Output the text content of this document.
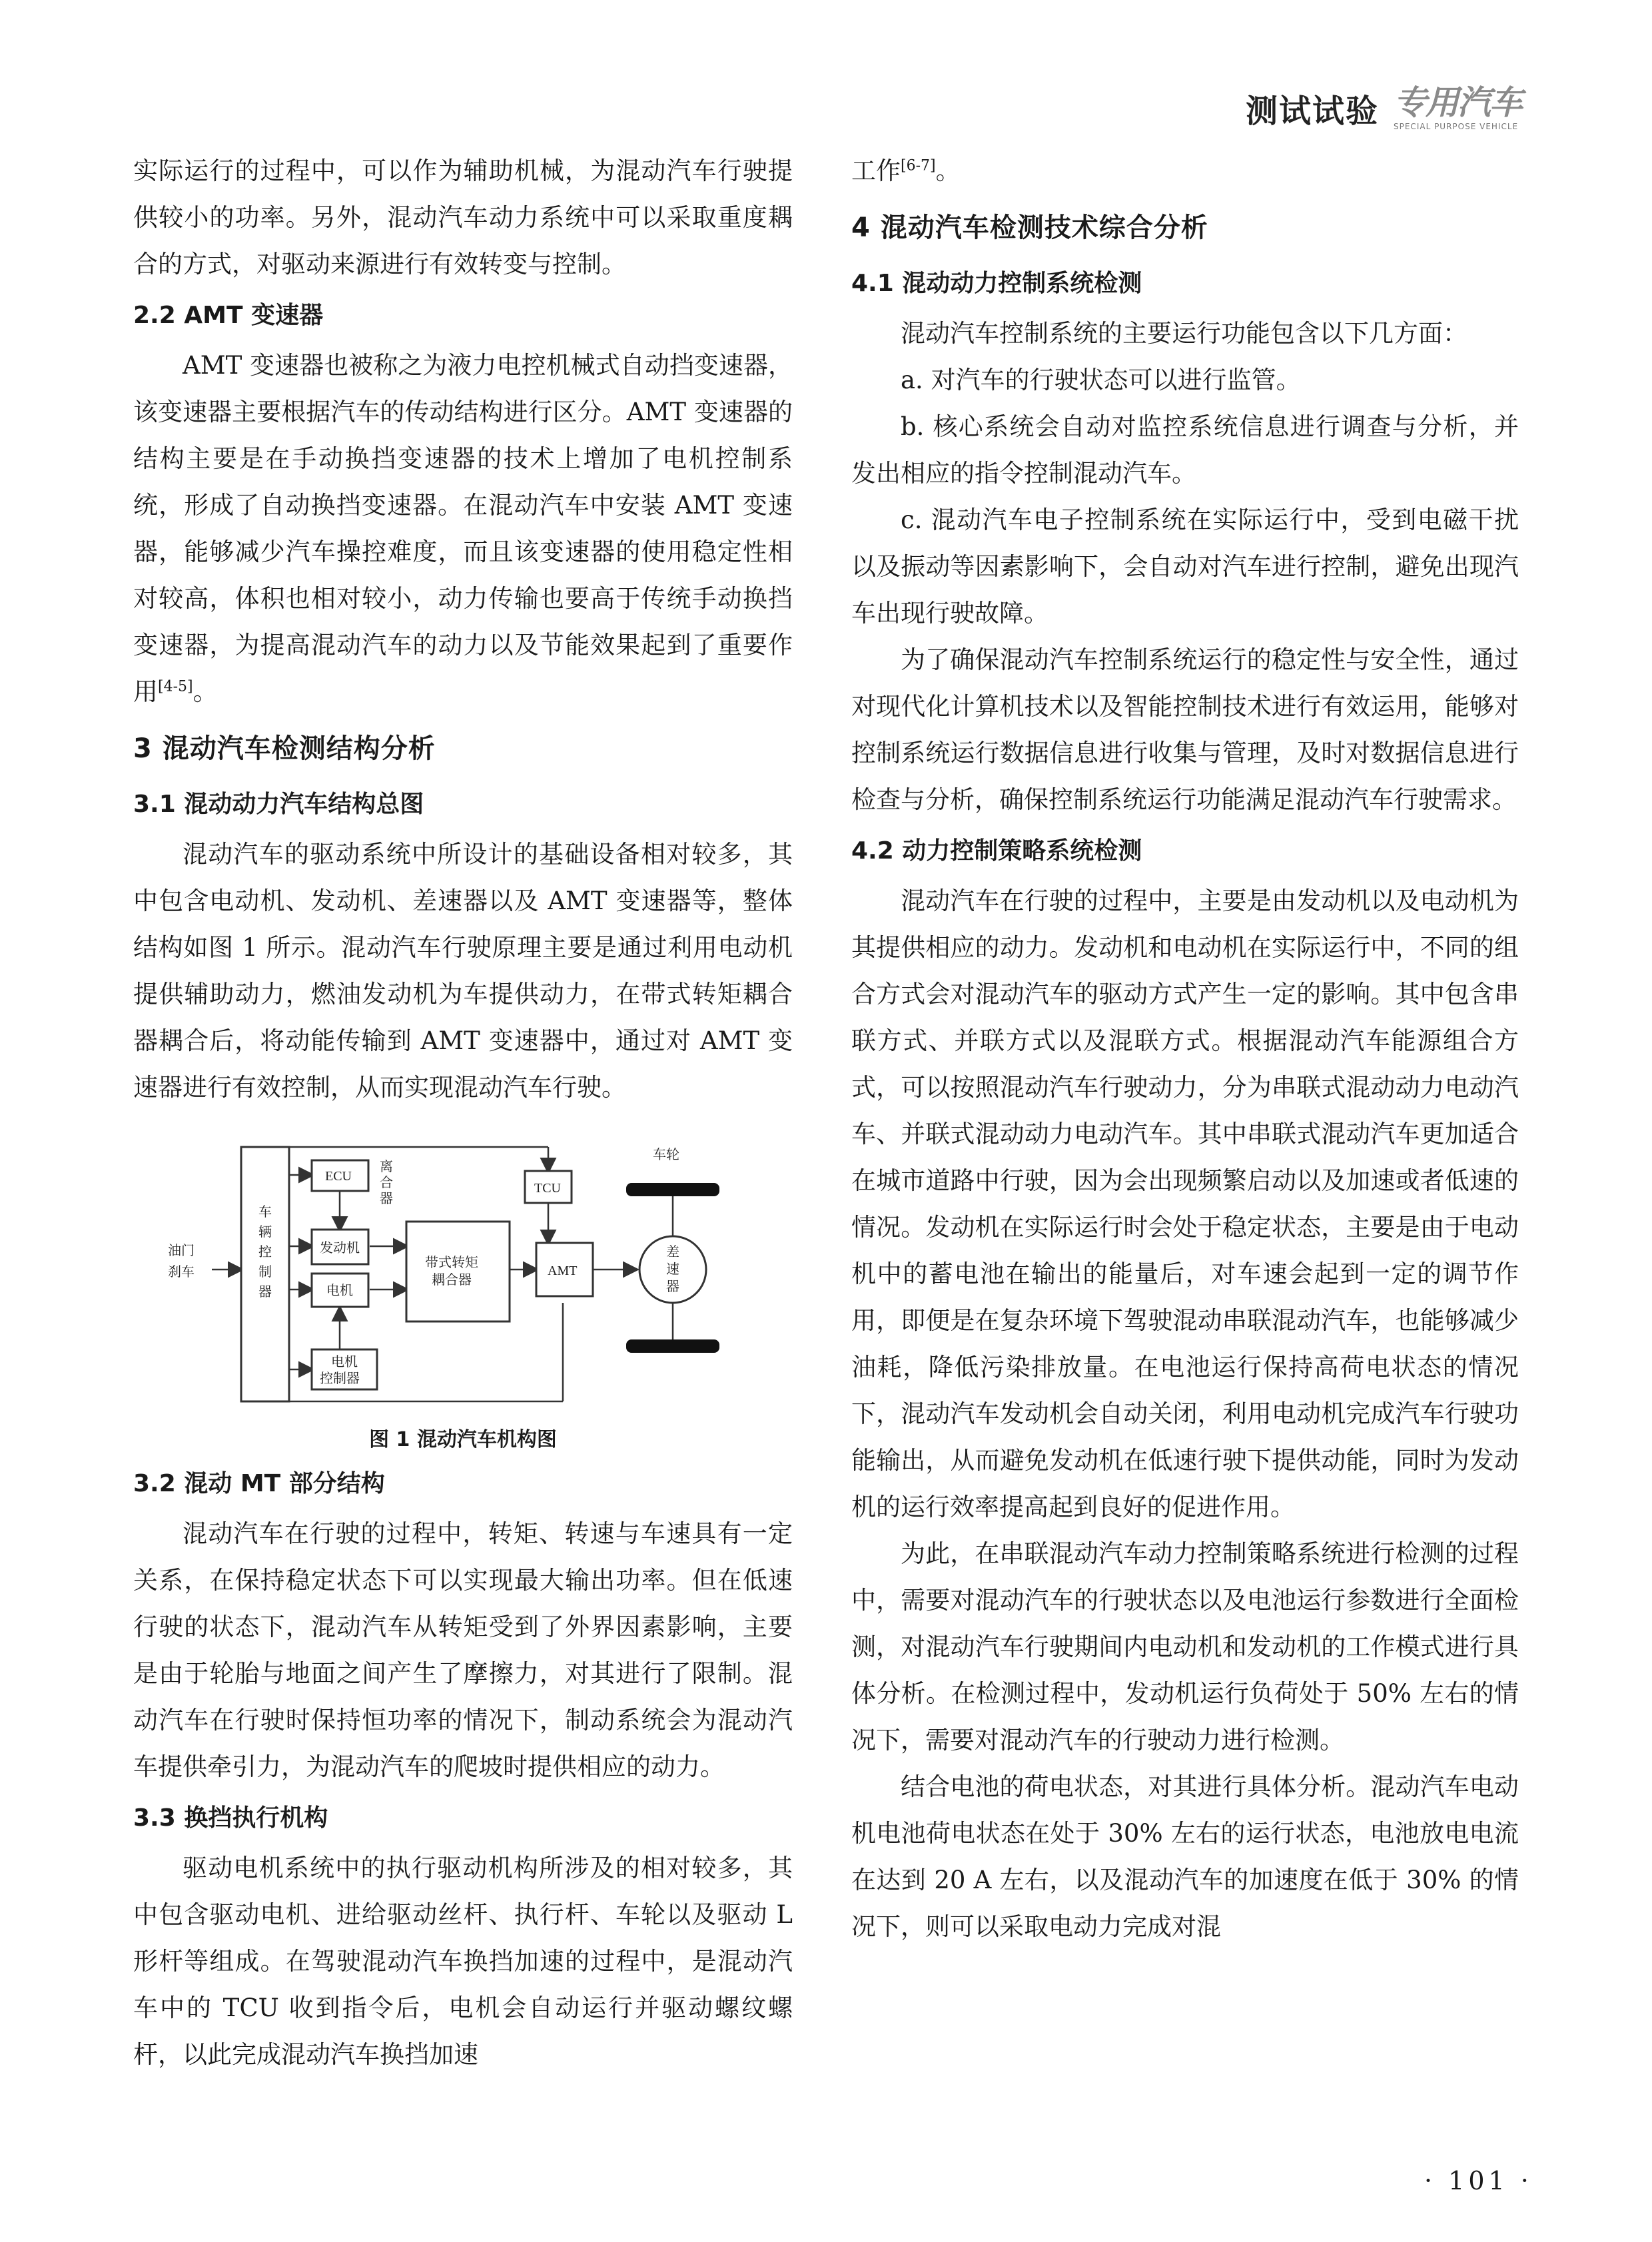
测试试验 专用汽车
SPECIAL PURPOSE VEHICLE

实际运行的过程中，可以作为辅助机械，为混动汽车行驶提供较小的功率。另外，混动汽车动力系统中可以采取重度耦合的方式，对驱动来源进行有效转变与控制。

2.2 AMT 变速器

AMT 变速器也被称之为液力电控机械式自动挡变速器，该变速器主要根据汽车的传动结构进行区分。AMT 变速器的结构主要是在手动换挡变速器的技术上增加了电机控制系统，形成了自动换挡变速器。在混动汽车中安装 AMT 变速器，能够减少汽车操控难度，而且该变速器的使用稳定性相对较高，体积也相对较小，动力传输也要高于传统手动换挡变速器，为提高混动汽车的动力以及节能效果起到了重要作用[4-5]。

3 混动汽车检测结构分析
3.1 混动动力汽车结构总图

混动汽车的驱动系统中所设计的基础设备相对较多，其中包含电动机、发动机、差速器以及 AMT 变速器等，整体结构如图 1 所示。混动汽车行驶原理主要是通过利用电动机提供辅助动力，燃油发动机为车提供动力，在带式转矩耦合器耦合后，将动能传输到 AMT 变速器中，通过对 AMT 变速器进行有效控制，从而实现混动汽车行驶。

油门
刹车
车
辆
控
制
器
ECU
离
合
器
发动机
电机
电机
控制器
带式转矩
耦合器
TCU
AMT
车轮
差
速
器
图 1 混动汽车机构图
3.2 混动 MT 部分结构

混动汽车在行驶的过程中，转矩、转速与车速具有一定关系，在保持稳定状态下可以实现最大输出功率。但在低速行驶的状态下，混动汽车从转矩受到了外界因素影响，主要是由于轮胎与地面之间产生了摩擦力，对其进行了限制。混动汽车在行驶时保持恒功率的情况下，制动系统会为混动汽车提供牵引力，为混动汽车的爬坡时提供相应的动力。

3.3 换挡执行机构

驱动电机系统中的执行驱动机构所涉及的相对较多，其中包含驱动电机、进给驱动丝杆、执行杆、车轮以及驱动 L 形杆等组成。在驾驶混动汽车换挡加速的过程中，是混动汽车中的 TCU 收到指令后，电机会自动运行并驱动螺纹螺杆，以此完成混动汽车换挡加速

工作[6-7]。

4 混动汽车检测技术综合分析
4.1 混动动力控制系统检测

混动汽车控制系统的主要运行功能包含以下几方面：

a. 对汽车的行驶状态可以进行监管。

b. 核心系统会自动对监控系统信息进行调查与分析，并发出相应的指令控制混动汽车。

c. 混动汽车电子控制系统在实际运行中，受到电磁干扰以及振动等因素影响下，会自动对汽车进行控制，避免出现汽车出现行驶故障。

为了确保混动汽车控制系统运行的稳定性与安全性，通过对现代化计算机技术以及智能控制技术进行有效运用，能够对控制系统运行数据信息进行收集与管理，及时对数据信息进行检查与分析，确保控制系统运行功能满足混动汽车行驶需求。

4.2 动力控制策略系统检测

混动汽车在行驶的过程中，主要是由发动机以及电动机为其提供相应的动力。发动机和电动机在实际运行中，不同的组合方式会对混动汽车的驱动方式产生一定的影响。其中包含串联方式、并联方式以及混联方式。根据混动汽车能源组合方式，可以按照混动汽车行驶动力，分为串联式混动动力电动汽车、并联式混动动力电动汽车。其中串联式混动汽车更加适合在城市道路中行驶，因为会出现频繁启动以及加速或者低速的情况。发动机在实际运行时会处于稳定状态，主要是由于电动机中的蓄电池在输出的能量后，对车速会起到一定的调节作用，即便是在复杂环境下驾驶混动串联混动汽车，也能够减少油耗，降低污染排放量。在电池运行保持高荷电状态的情况下，混动汽车发动机会自动关闭，利用电动机完成汽车行驶功能输出，从而避免发动机在低速行驶下提供动能，同时为发动机的运行效率提高起到良好的促进作用。

为此，在串联混动汽车动力控制策略系统进行检测的过程中，需要对混动汽车的行驶状态以及电池运行参数进行全面检测，对混动汽车行驶期间内电动机和发动机的工作模式进行具体分析。在检测过程中，发动机运行负荷处于 50% 左右的情况下，需要对混动汽车的行驶动力进行检测。

结合电池的荷电状态，对其进行具体分析。混动汽车电动机电池荷电状态在处于 30% 左右的运行状态，电池放电电流在达到 20 A 左右，以及混动汽车的加速度在低于 30% 的情况下，则可以采取电动力完成对混

· 101 ·
